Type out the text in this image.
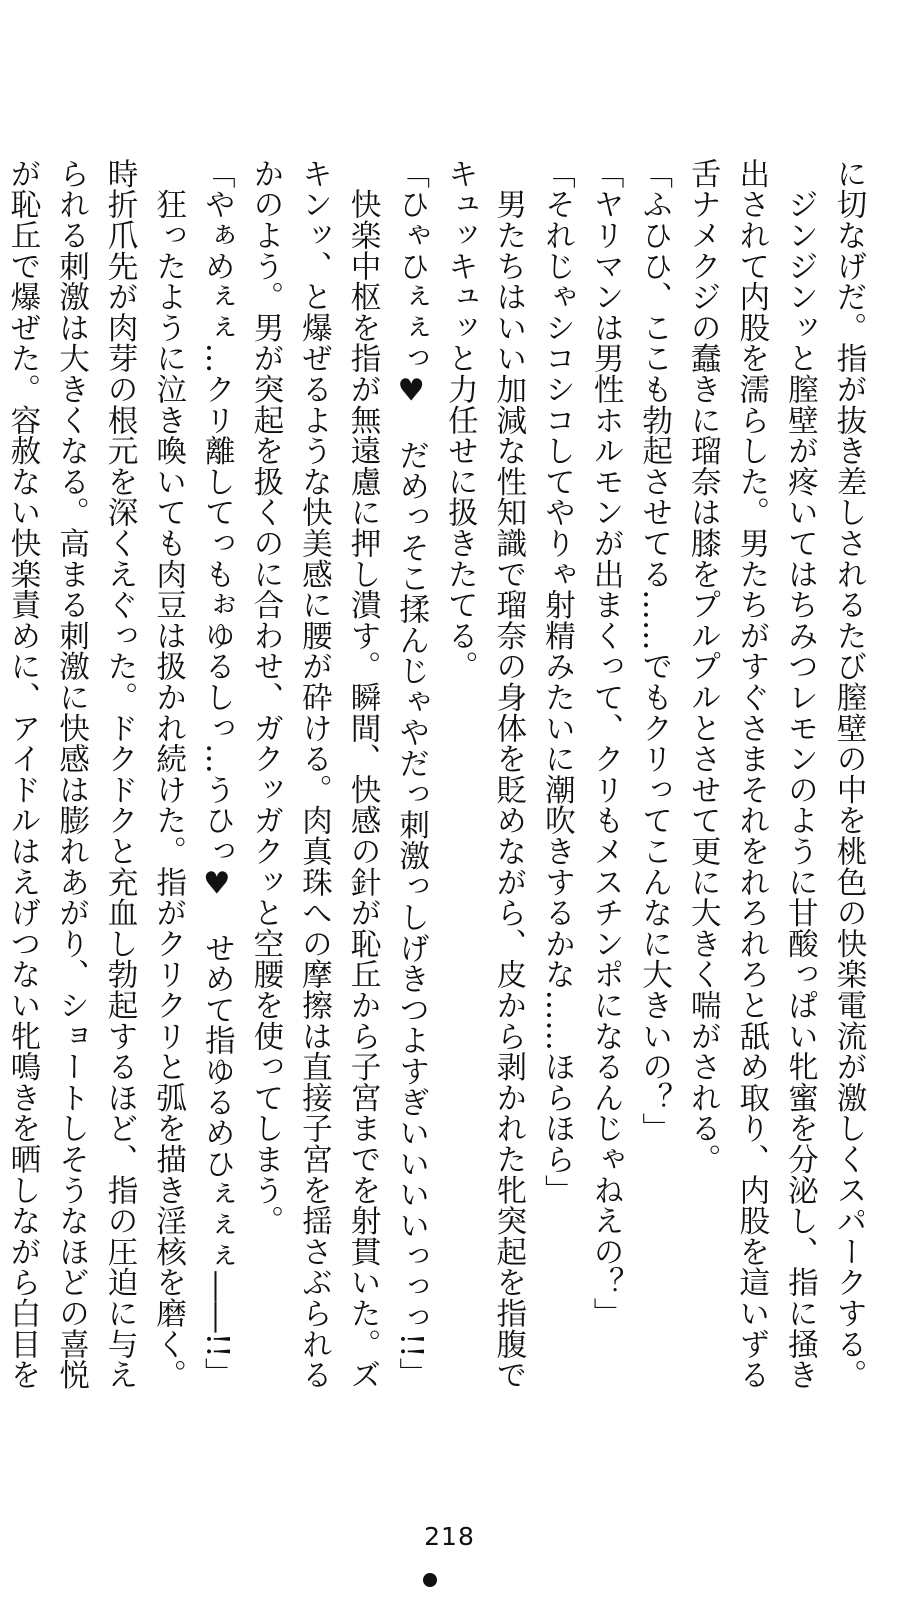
に切なげだ。指が抜き差しされるたび膣壁の中を桃色の快楽電流が激しくスパークする。
　ジンジンッと膣壁が疼いてはちみつレモンのように甘酸っぱい牝蜜を分泌し、指に掻き
出されて内股を濡らした。男たちがすぐさまそれをれろれろと舐め取り、内股を這いずる
舌ナメクジの蠢きに瑠奈は膝をプルプルとさせて更に大きく喘がされる。
「ふひひ、ここも勃起させてる……でもクリってこんなに大きいの？」
「ヤリマンは男性ホルモンが出まくって、クリもメスチンポになるんじゃねえの？」
「それじゃシコシコしてやりゃ射精みたいに潮吹きするかな……ほらほら」
　男たちはいい加減な性知識で瑠奈の身体を貶めながら、皮から剥かれた牝突起を指腹で
キュッキュッと力任せに扱きたてる。
「ひゃひぇぇっ♥　だめっそこ揉んじゃやだっ刺激っしげきつよすぎいいいいっっっ!!」
　快楽中枢を指が無遠慮に押し潰す。瞬間、快感の針が恥丘から子宮までを射貫いた。ズ
キンッ、と爆ぜるような快美感に腰が砕ける。肉真珠への摩擦は直接子宮を揺さぶられる
かのよう。男が突起を扱くのに合わせ、ガクッガクッと空腰を使ってしまう。
「やぁめぇぇ…クリ離してっもぉゆるしっ…うひっ♥　せめて指ゆるめひぇぇぇ――!!」
　狂ったように泣き喚いても肉豆は扱かれ続けた。指がクリクリと弧を描き淫核を磨く。
時折爪先が肉芽の根元を深くえぐった。ドクドクと充血し勃起するほど、指の圧迫に与え
られる刺激は大きくなる。高まる刺激に快感は膨れあがり、ショートしそうなほどの喜悦
が恥丘で爆ぜた。容赦ない快楽責めに、アイドルはえげつない牝鳴きを晒しながら白目を
218
